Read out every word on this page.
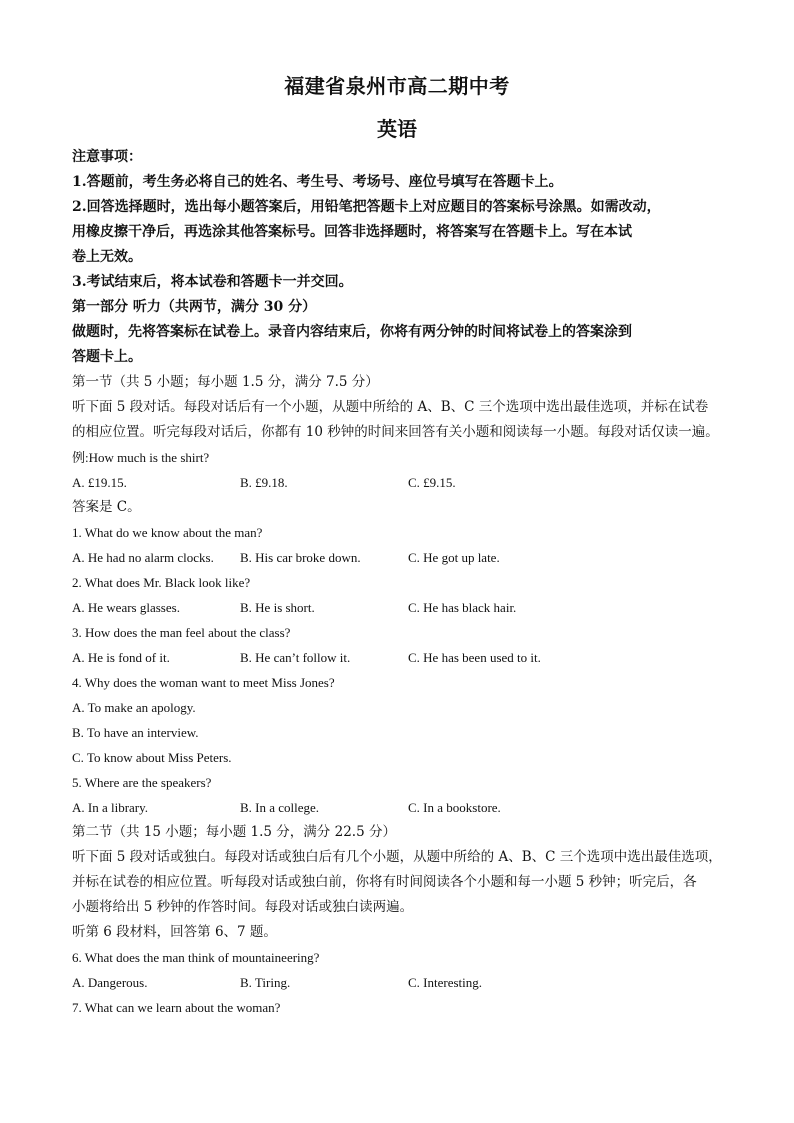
福建省泉州市高二期中考
英语
注意事项：
1.答题前，考生务必将自己的姓名、考生号、考场号、座位号填写在答题卡上。
2.回答选择题时，选出每小题答案后，用铅笔把答题卡上对应题目的答案标号涂黑。如需改动，
用橡皮擦干净后，再选涂其他答案标号。回答非选择题时，将答案写在答题卡上。写在本试
卷上无效。
3.考试结束后，将本试卷和答题卡一并交回。
第一部分 听力（共两节，满分 30 分）
做题时，先将答案标在试卷上。录音内容结束后，你将有两分钟的时间将试卷上的答案涂到
答题卡上。
第一节（共 5 小题；每小题 1.5 分，满分 7.5 分）
听下面 5 段对话。每段对话后有一个小题，从题中所给的 A、B、C 三个选项中选出最佳选项，并标在试卷
的相应位置。听完每段对话后，你都有 10 秒钟的时间来回答有关小题和阅读每一小题。每段对话仅读一遍。
例:How much is the shirt?
A. £19.15.	B. £9.18.	C. £9.15.
答案是 C。
1. What do we know about the man?
A. He had no alarm clocks.	B. His car broke down.	C. He got up late.
2. What does Mr. Black look like?
A. He wears glasses.	B. He is short.	C. He has black hair.
3. How does the man feel about the class?
A. He is fond of it.	B. He can’t follow it.	C. He has been used to it.
4. Why does the woman want to meet Miss Jones?
A. To make an apology.
B. To have an interview.
C. To know about Miss Peters.
5. Where are the speakers?
A. In a library.	B. In a college.	C. In a bookstore.
第二节（共 15 小题；每小题 1.5 分，满分 22.5 分）
听下面 5 段对话或独白。每段对话或独白后有几个小题，从题中所给的 A、B、C 三个选项中选出最佳选项，
并标在试卷的相应位置。听每段对话或独白前，你将有时间阅读各个小题和每一小题 5 秒钟；听完后，各
小题将给出 5 秒钟的作答时间。每段对话或独白读两遍。
听第 6 段材料，回答第 6、7 题。
6. What does the man think of mountaineering?
A. Dangerous.	B. Tiring.	C. Interesting.
7. What can we learn about the woman?
